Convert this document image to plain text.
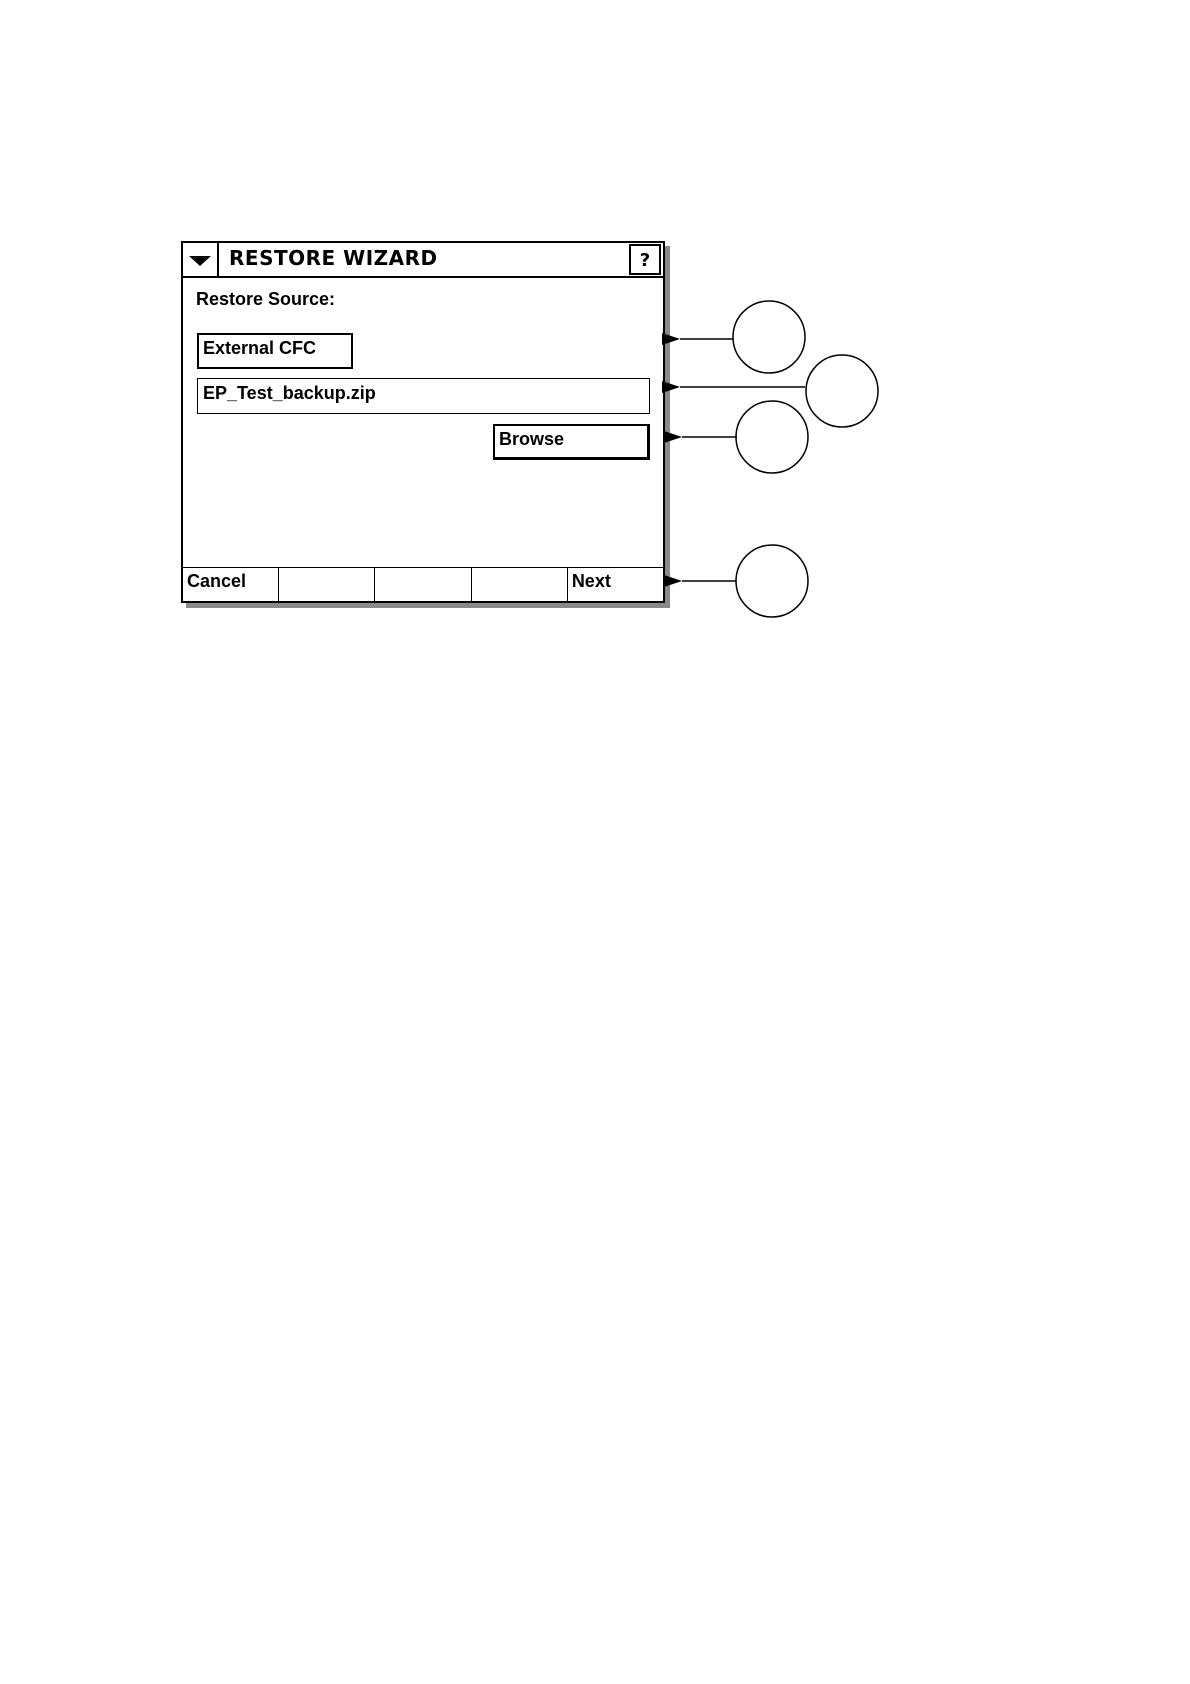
RESTORE WIZARD	?
Restore Source:
External CFC
EP_Test_backup.zip
Browse
Cancel	Next
